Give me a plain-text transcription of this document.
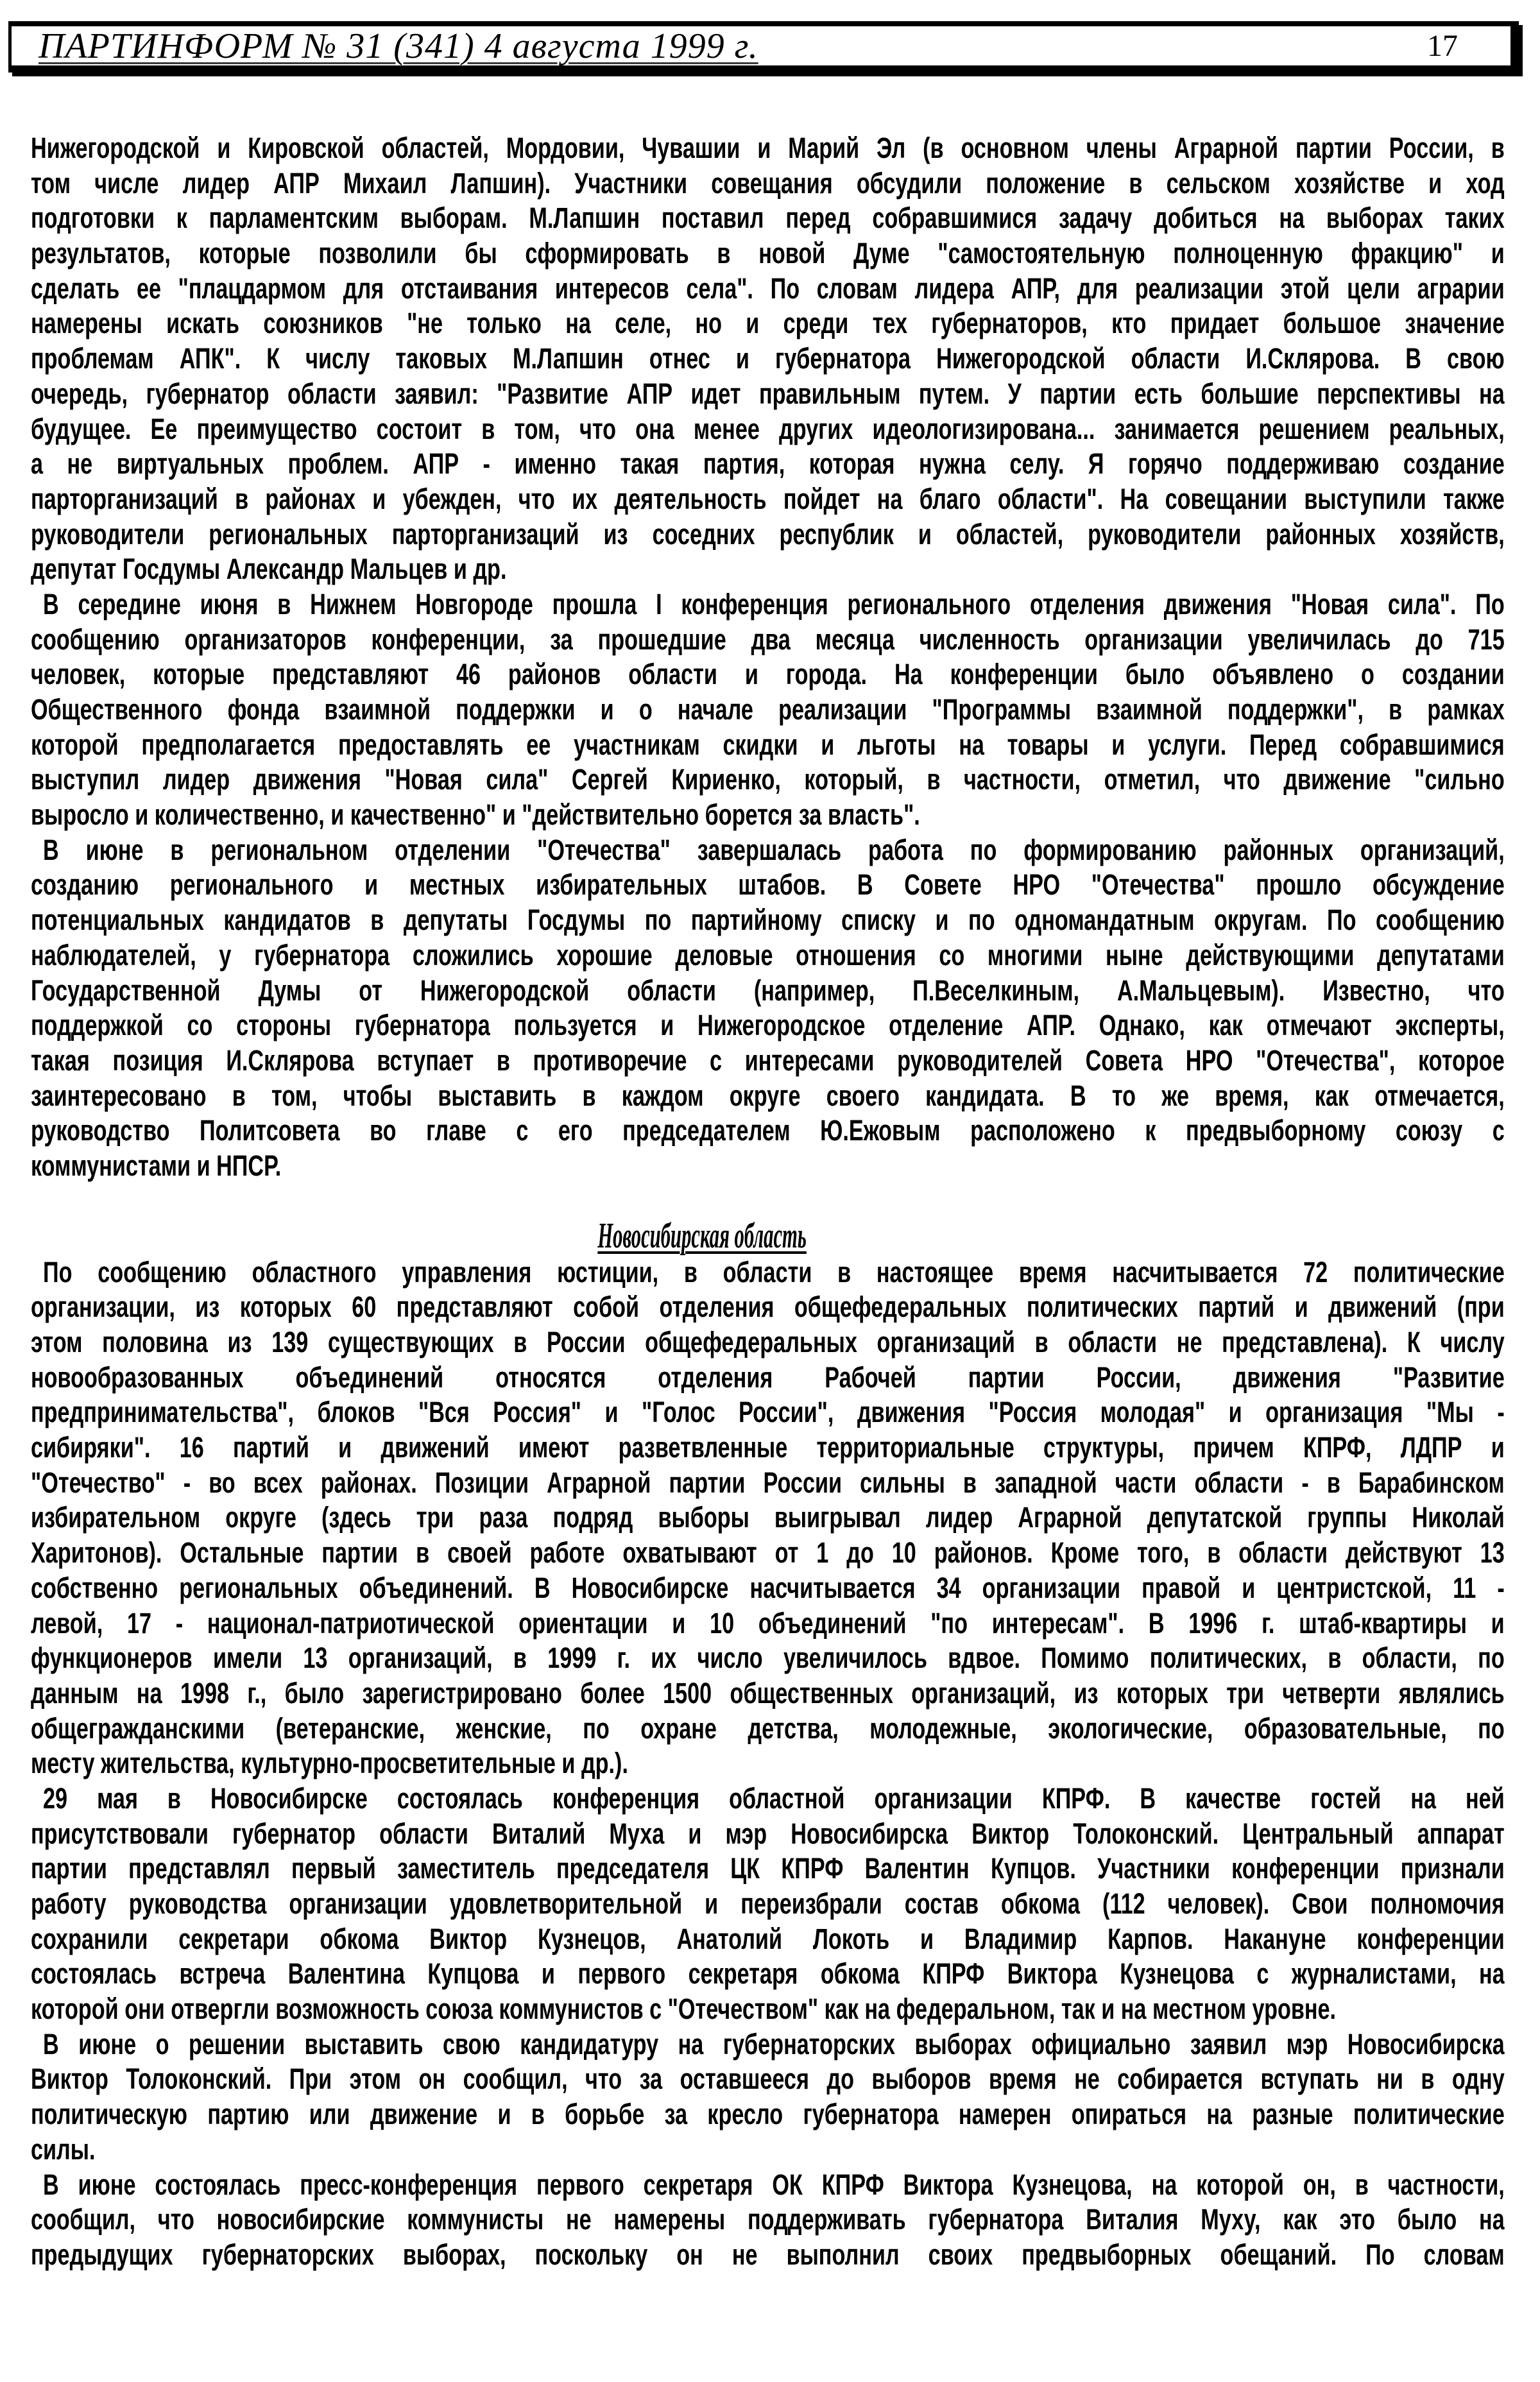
ПАРТИНФОРМ № 31 (341) 4 августа 1999 г.	17
Нижегородской и Кировской областей, Мордовии, Чувашии и Марий Эл (в основном члены Аграрной партии России, в
том числе лидер АПР Михаил Лапшин). Участники совещания обсудили положение в сельском хозяйстве и ход
подготовки к парламентским выборам. М.Лапшин поставил перед собравшимися задачу добиться на выборах таких
результатов, которые позволили бы сформировать в новой Думе "самостоятельную полноценную фракцию" и
сделать ее "плацдармом для отстаивания интересов села". По словам лидера АПР, для реализации этой цели аграрии
намерены искать союзников "не только на селе, но и среди тех губернаторов, кто придает большое значение
проблемам АПК". К числу таковых М.Лапшин отнес и губернатора Нижегородской области И.Склярова. В свою
очередь, губернатор области заявил: "Развитие АПР идет правильным путем. У партии есть большие перспективы на
будущее. Ее преимущество состоит в том, что она менее других идеологизирована... занимается решением реальных,
а не виртуальных проблем. АПР - именно такая партия, которая нужна селу. Я горячо поддерживаю создание
парторганизаций в районах и убежден, что их деятельность пойдет на благо области". На совещании выступили также
руководители региональных парторганизаций из соседних республик и областей, руководители районных хозяйств,
депутат Госдумы Александр Мальцев и др.
В середине июня в Нижнем Новгороде прошла I конференция регионального отделения движения "Новая сила". По
сообщению организаторов конференции, за прошедшие два месяца численность организации увеличилась до 715
человек, которые представляют 46 районов области и города. На конференции было объявлено о создании
Общественного фонда взаимной поддержки и о начале реализации "Программы взаимной поддержки", в рамках
которой предполагается предоставлять ее участникам скидки и льготы на товары и услуги. Перед собравшимися
выступил лидер движения "Новая сила" Сергей Кириенко, который, в частности, отметил, что движение "сильно
выросло и количественно, и качественно" и "действительно борется за власть".
В июне в региональном отделении "Отечества" завершалась работа по формированию районных организаций,
созданию регионального и местных избирательных штабов. В Совете НРО "Отечества" прошло обсуждение
потенциальных кандидатов в депутаты Госдумы по партийному списку и по одномандатным округам. По сообщению
наблюдателей, у губернатора сложились хорошие деловые отношения со многими ныне действующими депутатами
Государственной Думы от Нижегородской области (например, П.Веселкиным, А.Мальцевым). Известно, что
поддержкой со стороны губернатора пользуется и Нижегородское отделение АПР. Однако, как отмечают эксперты,
такая позиция И.Склярова вступает в противоречие с интересами руководителей Совета НРО "Отечества", которое
заинтересовано в том, чтобы выставить в каждом округе своего кандидата. В то же время, как отмечается,
руководство Политсовета во главе с его председателем Ю.Ежовым расположено к предвыборному союзу с
коммунистами и НПСР.
Новосибирская область
По сообщению областного управления юстиции, в области в настоящее время насчитывается 72 политические
организации, из которых 60 представляют собой отделения общефедеральных политических партий и движений (при
этом половина из 139 существующих в России общефедеральных организаций в области не представлена). К числу
новообразованных объединений относятся отделения Рабочей партии России, движения "Развитие
предпринимательства", блоков "Вся Россия" и "Голос России", движения "Россия молодая" и организация "Мы -
сибиряки". 16 партий и движений имеют разветвленные территориальные структуры, причем КПРФ, ЛДПР и
"Отечество" - во всех районах. Позиции Аграрной партии России сильны в западной части области - в Барабинском
избирательном округе (здесь три раза подряд выборы выигрывал лидер Аграрной депутатской группы Николай
Харитонов). Остальные партии в своей работе охватывают от 1 до 10 районов. Кроме того, в области действуют 13
собственно региональных объединений. В Новосибирске насчитывается 34 организации правой и центристской, 11 -
левой, 17 - национал-патриотической ориентации и 10 объединений "по интересам". В 1996 г. штаб-квартиры и
функционеров имели 13 организаций, в 1999 г. их число увеличилось вдвое. Помимо политических, в области, по
данным на 1998 г., было зарегистрировано более 1500 общественных организаций, из которых три четверти являлись
общегражданскими (ветеранские, женские, по охране детства, молодежные, экологические, образовательные, по
месту жительства, культурно-просветительные и др.).
29 мая в Новосибирске состоялась конференция областной организации КПРФ. В качестве гостей на ней
присутствовали губернатор области Виталий Муха и мэр Новосибирска Виктор Толоконский. Центральный аппарат
партии представлял первый заместитель председателя ЦК КПРФ Валентин Купцов. Участники конференции признали
работу руководства организации удовлетворительной и переизбрали состав обкома (112 человек). Свои полномочия
сохранили секретари обкома Виктор Кузнецов, Анатолий Локоть и Владимир Карпов. Накануне конференции
состоялась встреча Валентина Купцова и первого секретаря обкома КПРФ Виктора Кузнецова с журналистами, на
которой они отвергли возможность союза коммунистов с "Отечеством" как на федеральном, так и на местном уровне.
В июне о решении выставить свою кандидатуру на губернаторских выборах официально заявил мэр Новосибирска
Виктор Толоконский. При этом он сообщил, что за оставшееся до выборов время не собирается вступать ни в одну
политическую партию или движение и в борьбе за кресло губернатора намерен опираться на разные политические
силы.
В июне состоялась пресс-конференция первого секретаря ОК КПРФ Виктора Кузнецова, на которой он, в частности,
сообщил, что новосибирские коммунисты не намерены поддерживать губернатора Виталия Муху, как это было на
предыдущих губернаторских выборах, поскольку он не выполнил своих предвыборных обещаний. По словам
